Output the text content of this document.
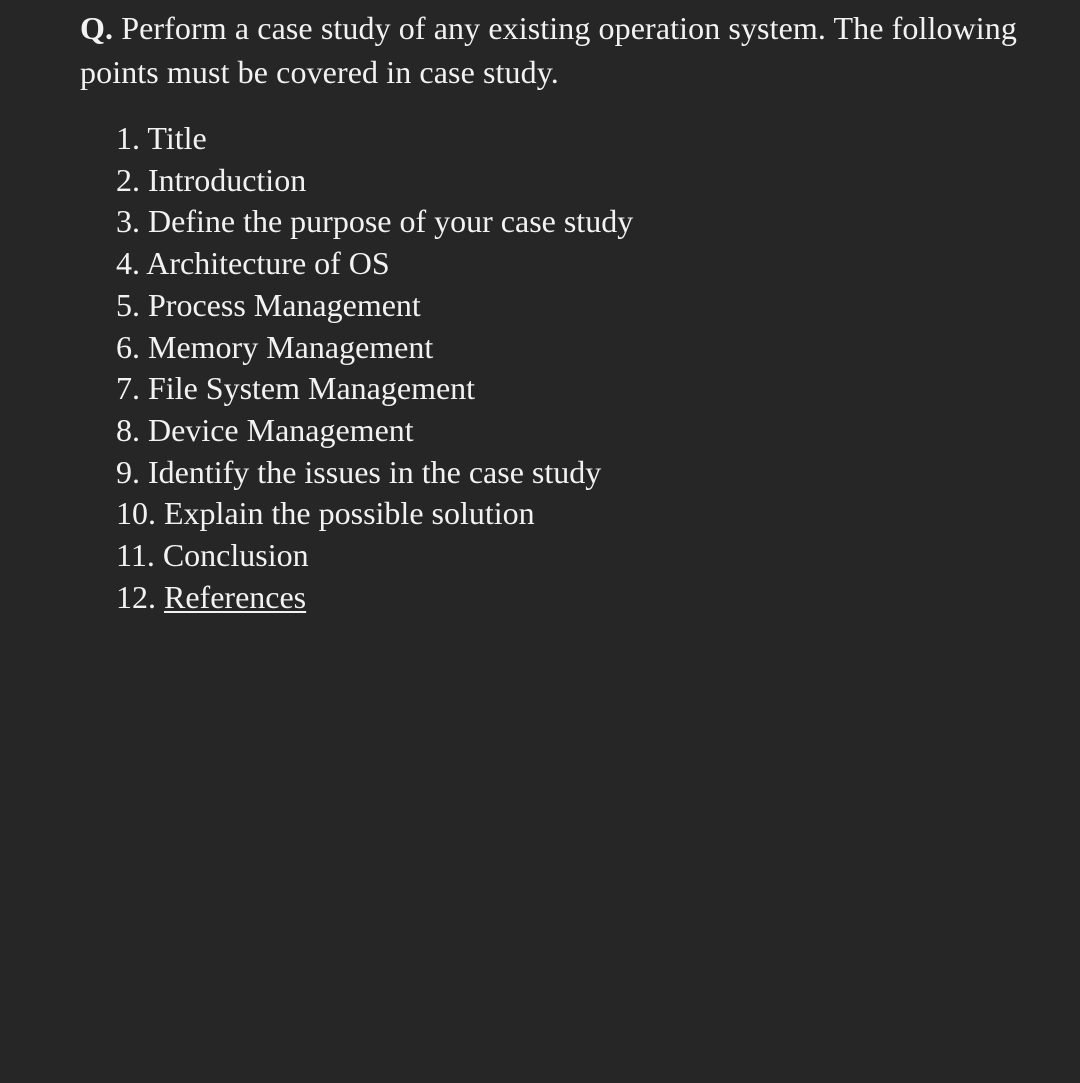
Q. Perform a case study of any existing operation system. The following points must be covered in case study.

1. Title
2. Introduction
3. Define the purpose of your case study
4. Architecture of OS
5. Process Management
6. Memory Management
7. File System Management
8. Device Management
9. Identify the issues in the case study
10. Explain the possible solution
11. Conclusion
12. References
